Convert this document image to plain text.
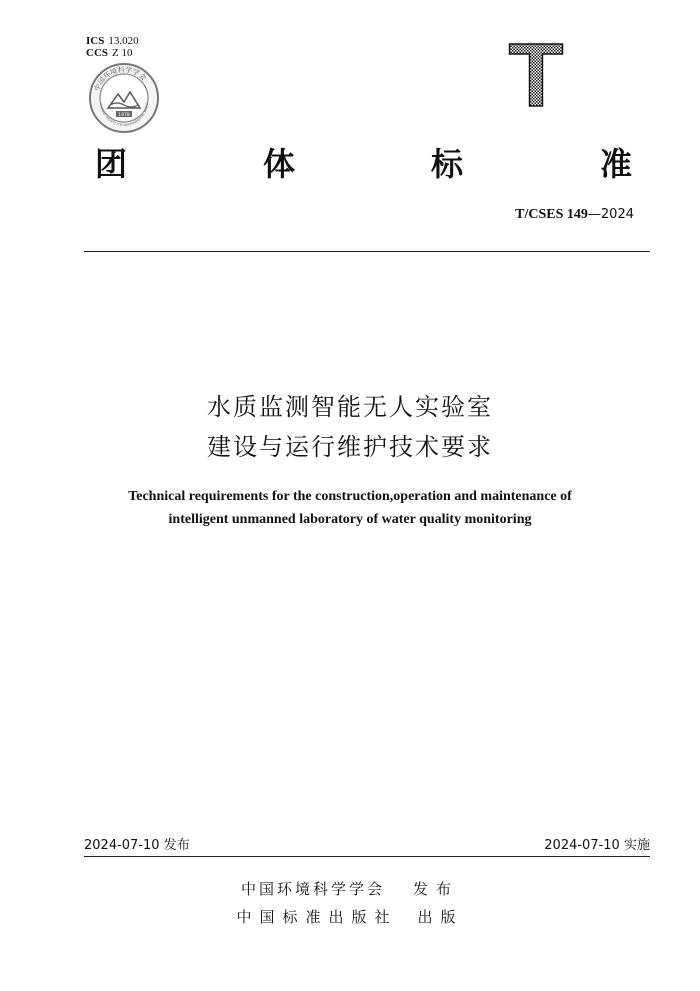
ICS 13.020
CCS Z 10
中国环境科学学会
CHINESE SOCIETY FOR ENVIRONMENTAL SCIENC
1978	T
团	体	标	准
T/CSES 149—2024
水质监测智能无人实验室
建设与运行维护技术要求
Technical requirements for the construction,operation and maintenance of
intelligent unmanned laboratory of water quality monitoring
2024-07-10 发布	2024-07-10 实施
中国环境科学学会 发布
中国标准出版社 出版
